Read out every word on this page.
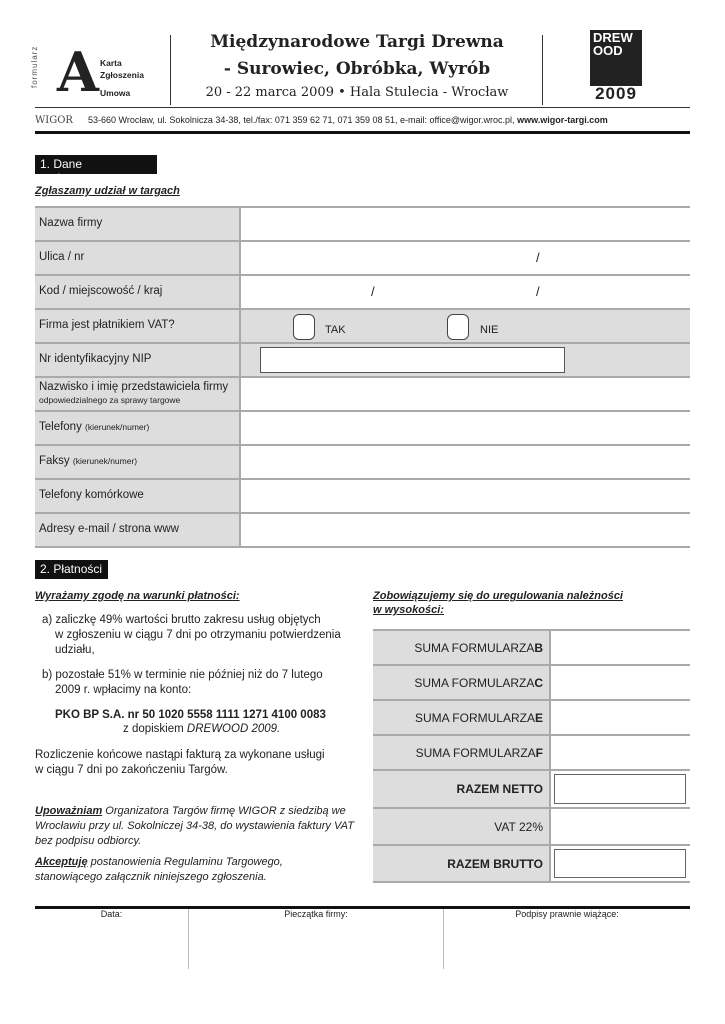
formularz A Karta
Zgłoszenia
Umowa
Międzynarodowe Targi Drewna
- Surowiec, Obróbka, Wyrób
20 - 22 marca 2009 • Hala Stulecia - Wrocław
DREWOOD
2009
WIGOR 53-660 Wrocław, ul. Sokolnicza 34-38, tel./fax: 071 359 62 71, 071 359 08 51, e-mail: office@wigor.wroc.pl, www.wigor-targi.com
1. Dane podstawowe
Zgłaszamy udział w targach
Nazwa firmy
Ulica / nr	/
Kod / miejscowość / kraj	/	/
Firma jest płatnikiem VAT?	TAK	NIE
Nr identyfikacyjny NIP
Nazwisko i imię przedstawiciela firmy
odpowiedzialnego za sprawy targowe
Telefony (kierunek/numer)
Faksy (kierunek/numer)
Telefony komórkowe
Adresy e-mail / strona www
2. Płatności
Wyrażamy zgodę na warunki płatności:
a) zaliczkę 49% wartości brutto zakresu usług objętych
w zgłoszeniu w ciągu 7 dni po otrzymaniu potwierdzenia
udziału,
b) pozostałe 51% w terminie nie później niż do 7 lutego
2009 r. wpłacimy na konto:
PKO BP S.A. nr 50 1020 5558 1111 1271 4100 0083
z dopiskiem DREWOOD 2009.
Rozliczenie końcowe nastąpi fakturą za wykonane usługi
w ciągu 7 dni po zakończeniu Targów.
Upoważniam Organizatora Targów firmę WIGOR z siedzibą we
Wrocławiu przy ul. Sokolniczej 34-38, do wystawienia faktury VAT
bez podpisu odbiorcy.
Akceptuję postanowienia Regulaminu Targowego,
stanowiącego załącznik niniejszego zgłoszenia.
Zobowiązujemy się do uregulowania należności
w wysokości:
SUMA FORMULARZA B
SUMA FORMULARZA C
SUMA FORMULARZA E
SUMA FORMULARZA F
RAZEM NETTO
VAT 22%
RAZEM BRUTTO
Data:	Pieczątka firmy:	Podpisy prawnie wiążące:
